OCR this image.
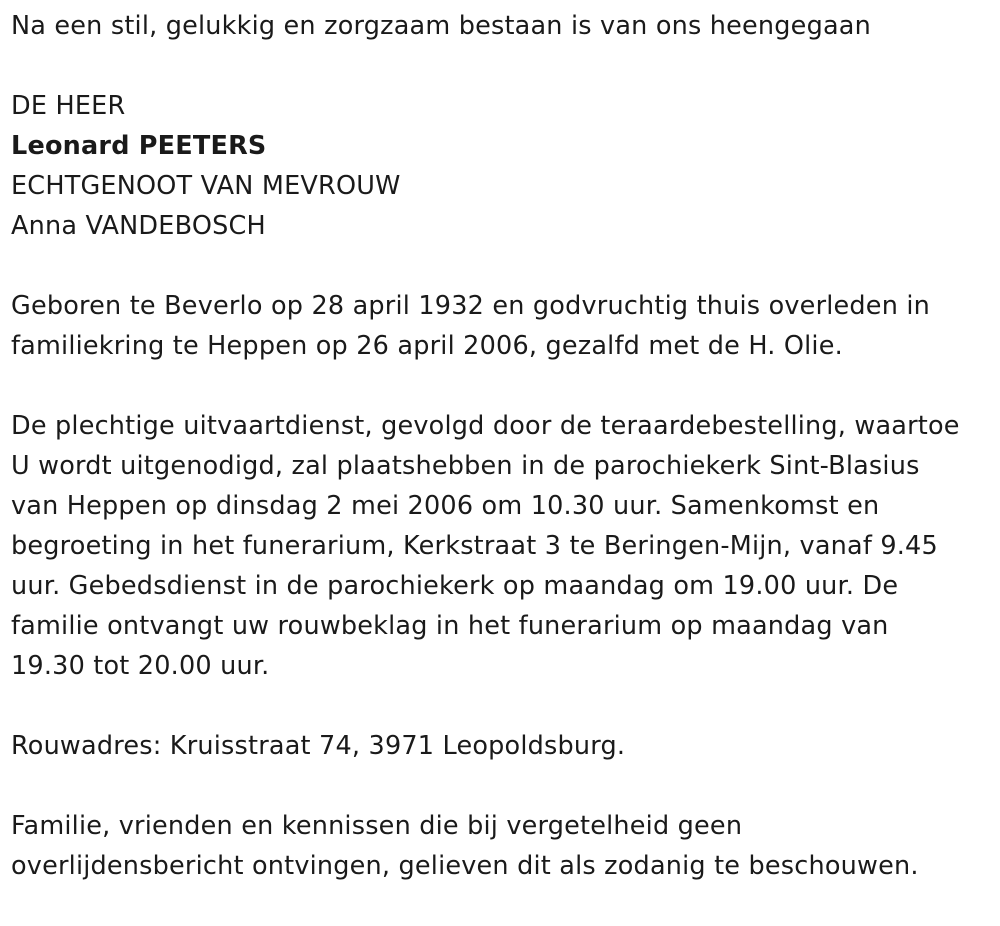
Na een stil, gelukkig en zorgzaam bestaan is van ons heengegaan

DE HEER

Leonard PEETERS

ECHTGENOOT VAN MEVROUW

Anna VANDEBOSCH

Geboren te Beverlo op 28 april 1932 en godvruchtig thuis overleden in

familiekring te Heppen op 26 april 2006, gezalfd met de H. Olie.

De plechtige uitvaartdienst, gevolgd door de teraardebestelling, waartoe

U wordt uitgenodigd, zal plaatshebben in de parochiekerk Sint-Blasius

van Heppen op dinsdag 2 mei 2006 om 10.30 uur. Samenkomst en

begroeting in het funerarium, Kerkstraat 3 te Beringen-Mijn, vanaf 9.45

uur. Gebedsdienst in de parochiekerk op maandag om 19.00 uur. De

familie ontvangt uw rouwbeklag in het funerarium op maandag van

19.30 tot 20.00 uur.

Rouwadres: Kruisstraat 74, 3971 Leopoldsburg.

Familie, vrienden en kennissen die bij vergetelheid geen

overlijdensbericht ontvingen, gelieven dit als zodanig te beschouwen.
